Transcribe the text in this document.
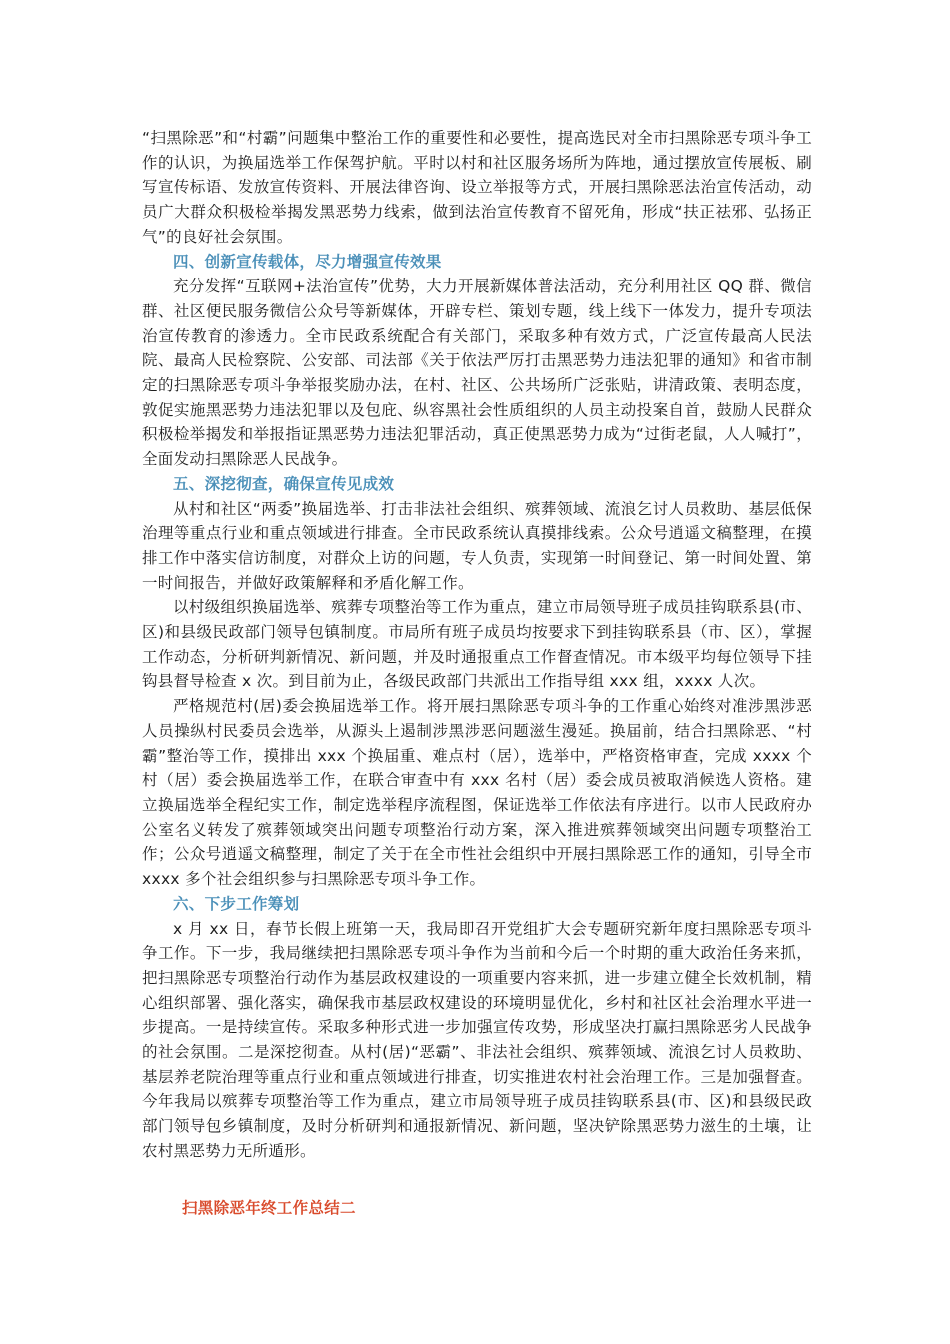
“扫黑除恶”和“村霸”问题集中整治工作的重要性和必要性，提高选民对全市扫黑除恶专项斗争工作的认识，为换届选举工作保驾护航。平时以村和社区服务场所为阵地，通过摆放宣传展板、刷写宣传标语、发放宣传资料、开展法律咨询、设立举报等方式，开展扫黑除恶法治宣传活动，动员广大群众积极检举揭发黑恶势力线索，做到法治宣传教育不留死角，形成“扶正祛邪、弘扬正气”的良好社会氛围。

四、创新宣传载体，尽力增强宣传效果

充分发挥“互联网+法治宣传”优势，大力开展新媒体普法活动，充分利用社区 QQ 群、微信群、社区便民服务微信公众号等新媒体，开辟专栏、策划专题，线上线下一体发力，提升专项法治宣传教育的渗透力。全市民政系统配合有关部门，采取多种有效方式，广泛宣传最高人民法院、最高人民检察院、公安部、司法部《关于依法严厉打击黑恶势力违法犯罪的通知》和省市制定的扫黑除恶专项斗争举报奖励办法，在村、社区、公共场所广泛张贴，讲清政策、表明态度，敦促实施黑恶势力违法犯罪以及包庇、纵容黑社会性质组织的人员主动投案自首，鼓励人民群众积极检举揭发和举报指证黑恶势力违法犯罪活动，真正使黑恶势力成为“过街老鼠，人人喊打”，全面发动扫黑除恶人民战争。

五、深挖彻查，确保宣传见成效

从村和社区“两委”换届选举、打击非法社会组织、殡葬领域、流浪乞讨人员救助、基层低保治理等重点行业和重点领域进行排查。全市民政系统认真摸排线索。公众号逍遥文稿整理，在摸排工作中落实信访制度，对群众上访的问题，专人负责，实现第一时间登记、第一时间处置、第一时间报告，并做好政策解释和矛盾化解工作。

以村级组织换届选举、殡葬专项整治等工作为重点，建立市局领导班子成员挂钩联系县(市、区)和县级民政部门领导包镇制度。市局所有班子成员均按要求下到挂钩联系县（市、区），掌握工作动态，分析研判新情况、新问题，并及时通报重点工作督查情况。市本级平均每位领导下挂钩县督导检查 x 次。到目前为止，各级民政部门共派出工作指导组 xxx 组，xxxx 人次。

严格规范村(居)委会换届选举工作。将开展扫黑除恶专项斗争的工作重心始终对准涉黑涉恶人员操纵村民委员会选举，从源头上遏制涉黑涉恶问题滋生漫延。换届前，结合扫黑除恶、“村霸”整治等工作，摸排出 xxx 个换届重、难点村（居），选举中，严格资格审查，完成 xxxx 个村（居）委会换届选举工作，在联合审查中有 xxx 名村（居）委会成员被取消候选人资格。建立换届选举全程纪实工作，制定选举程序流程图，保证选举工作依法有序进行。以市人民政府办公室名义转发了殡葬领域突出问题专项整治行动方案，深入推进殡葬领域突出问题专项整治工作；公众号逍遥文稿整理，制定了关于在全市性社会组织中开展扫黑除恶工作的通知，引导全市 xxxx 多个社会组织参与扫黑除恶专项斗争工作。

六、下步工作筹划

x 月 xx 日，春节长假上班第一天，我局即召开党组扩大会专题研究新年度扫黑除恶专项斗争工作。下一步，我局继续把扫黑除恶专项斗争作为当前和今后一个时期的重大政治任务来抓，把扫黑除恶专项整治行动作为基层政权建设的一项重要内容来抓，进一步建立健全长效机制，精心组织部署、强化落实，确保我市基层政权建设的环境明显优化，乡村和社区社会治理水平进一步提高。一是持续宣传。采取多种形式进一步加强宣传攻势，形成坚决打赢扫黑除恶劣人民战争的社会氛围。二是深挖彻查。从村(居)“恶霸”、非法社会组织、殡葬领域、流浪乞讨人员救助、基层养老院治理等重点行业和重点领域进行排查，切实推进农村社会治理工作。三是加强督查。今年我局以殡葬专项整治等工作为重点，建立市局领导班子成员挂钩联系县(市、区)和县级民政部门领导包乡镇制度，及时分析研判和通报新情况、新问题，坚决铲除黑恶势力滋生的土壤，让农村黑恶势力无所遁形。

扫黑除恶年终工作总结二
